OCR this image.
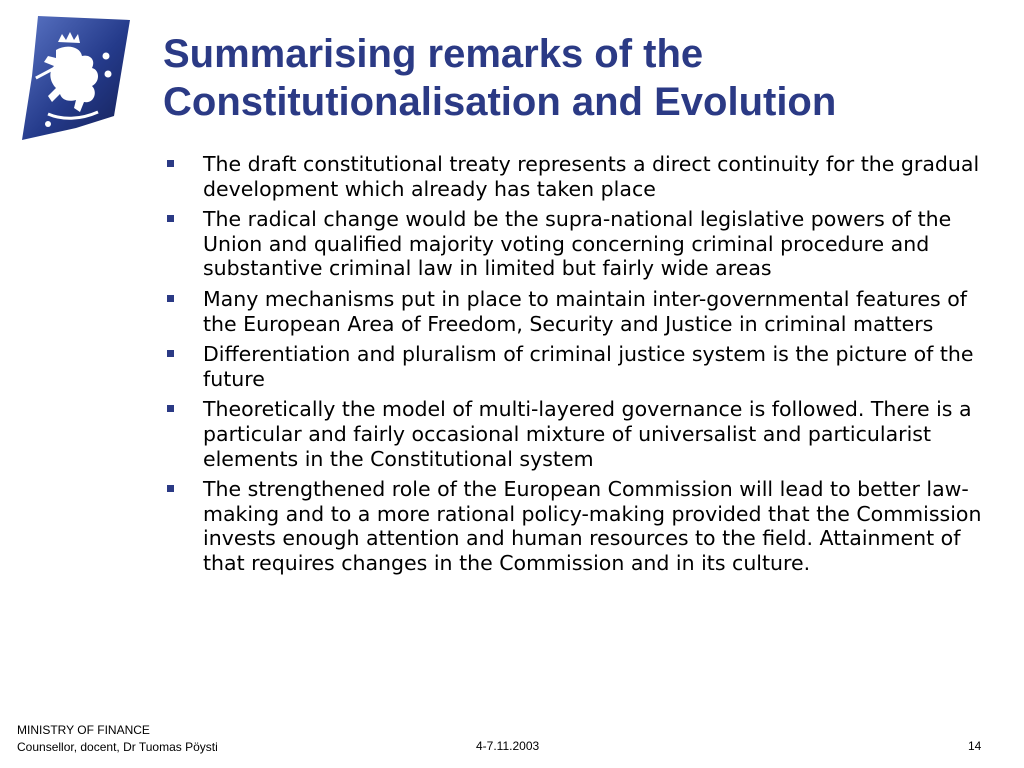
Summarising remarks of the Constitutionalisation and Evolution
The draft constitutional treaty represents a direct continuity for the gradual development which already has taken place
The radical change would be the supra-national legislative powers of the Union and qualified majority voting concerning criminal procedure and substantive criminal law in limited but fairly wide areas
Many mechanisms put in place to maintain inter-governmental features of the European Area of Freedom, Security and Justice in criminal matters
Differentiation and pluralism of criminal justice system is the picture of the future
Theoretically the model of multi-layered governance is followed. There is a particular and fairly occasional mixture of universalist and particularist elements in the Constitutional system
The strengthened role of the European Commission will lead to better law-making and to a more rational policy-making provided that the Commission invests enough attention and human resources to the field. Attainment of that requires changes in the Commission and in its culture.
MINISTRY OF FINANCE
Counsellor, docent, Dr Tuomas Pöysti	4-7.11.2003	14
